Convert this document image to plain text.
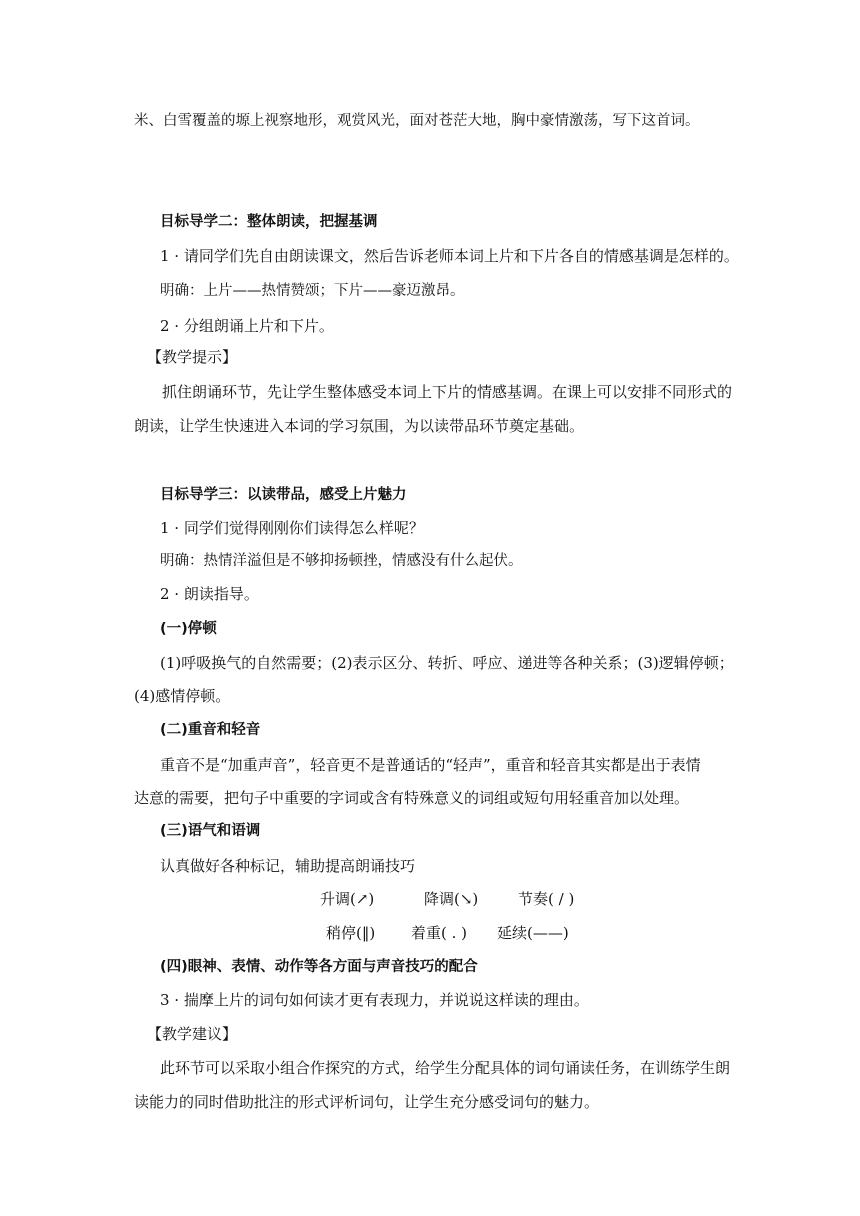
米、白雪覆盖的塬上视察地形，观赏风光，面对苍茫大地，胸中豪情激荡，写下这首词。
目标导学二：整体朗读，把握基调
1 · 请同学们先自由朗读课文，然后告诉老师本词上片和下片各自的情感基调是怎样的。
明确：上片——热情赞颂；下片——豪迈激昂。
2 · 分组朗诵上片和下片。
【教学提示】
抓住朗诵环节，先让学生整体感受本词上下片的情感基调。在课上可以安排不同形式的
朗读，让学生快速进入本词的学习氛围，为以读带品环节奠定基础。
目标导学三：以读带品，感受上片魅力
1 · 同学们觉得刚刚你们读得怎么样呢？
明确：热情洋溢但是不够抑扬顿挫，情感没有什么起伏。
2 · 朗读指导。
(一)停顿
(1)呼吸换气的自然需要；(2)表示区分、转折、呼应、递进等各种关系；(3)逻辑停顿；
(4)感情停顿。
(二)重音和轻音
重音不是“加重声音”，轻音更不是普通话的“轻声”，重音和轻音其实都是出于表情
达意的需要，把句子中重要的字词或含有特殊意义的词组或短句用轻重音加以处理。
(三)语气和语调
认真做好各种标记，辅助提高朗诵技巧
升调(↗)	降调(↘)	节奏( / )
稍停(‖) 着重( . ) 延续(——)
(四)眼神、表情、动作等各方面与声音技巧的配合
3 · 揣摩上片的词句如何读才更有表现力，并说说这样读的理由。
【教学建议】
此环节可以采取小组合作探究的方式，给学生分配具体的词句诵读任务，在训练学生朗
读能力的同时借助批注的形式评析词句，让学生充分感受词句的魅力。
